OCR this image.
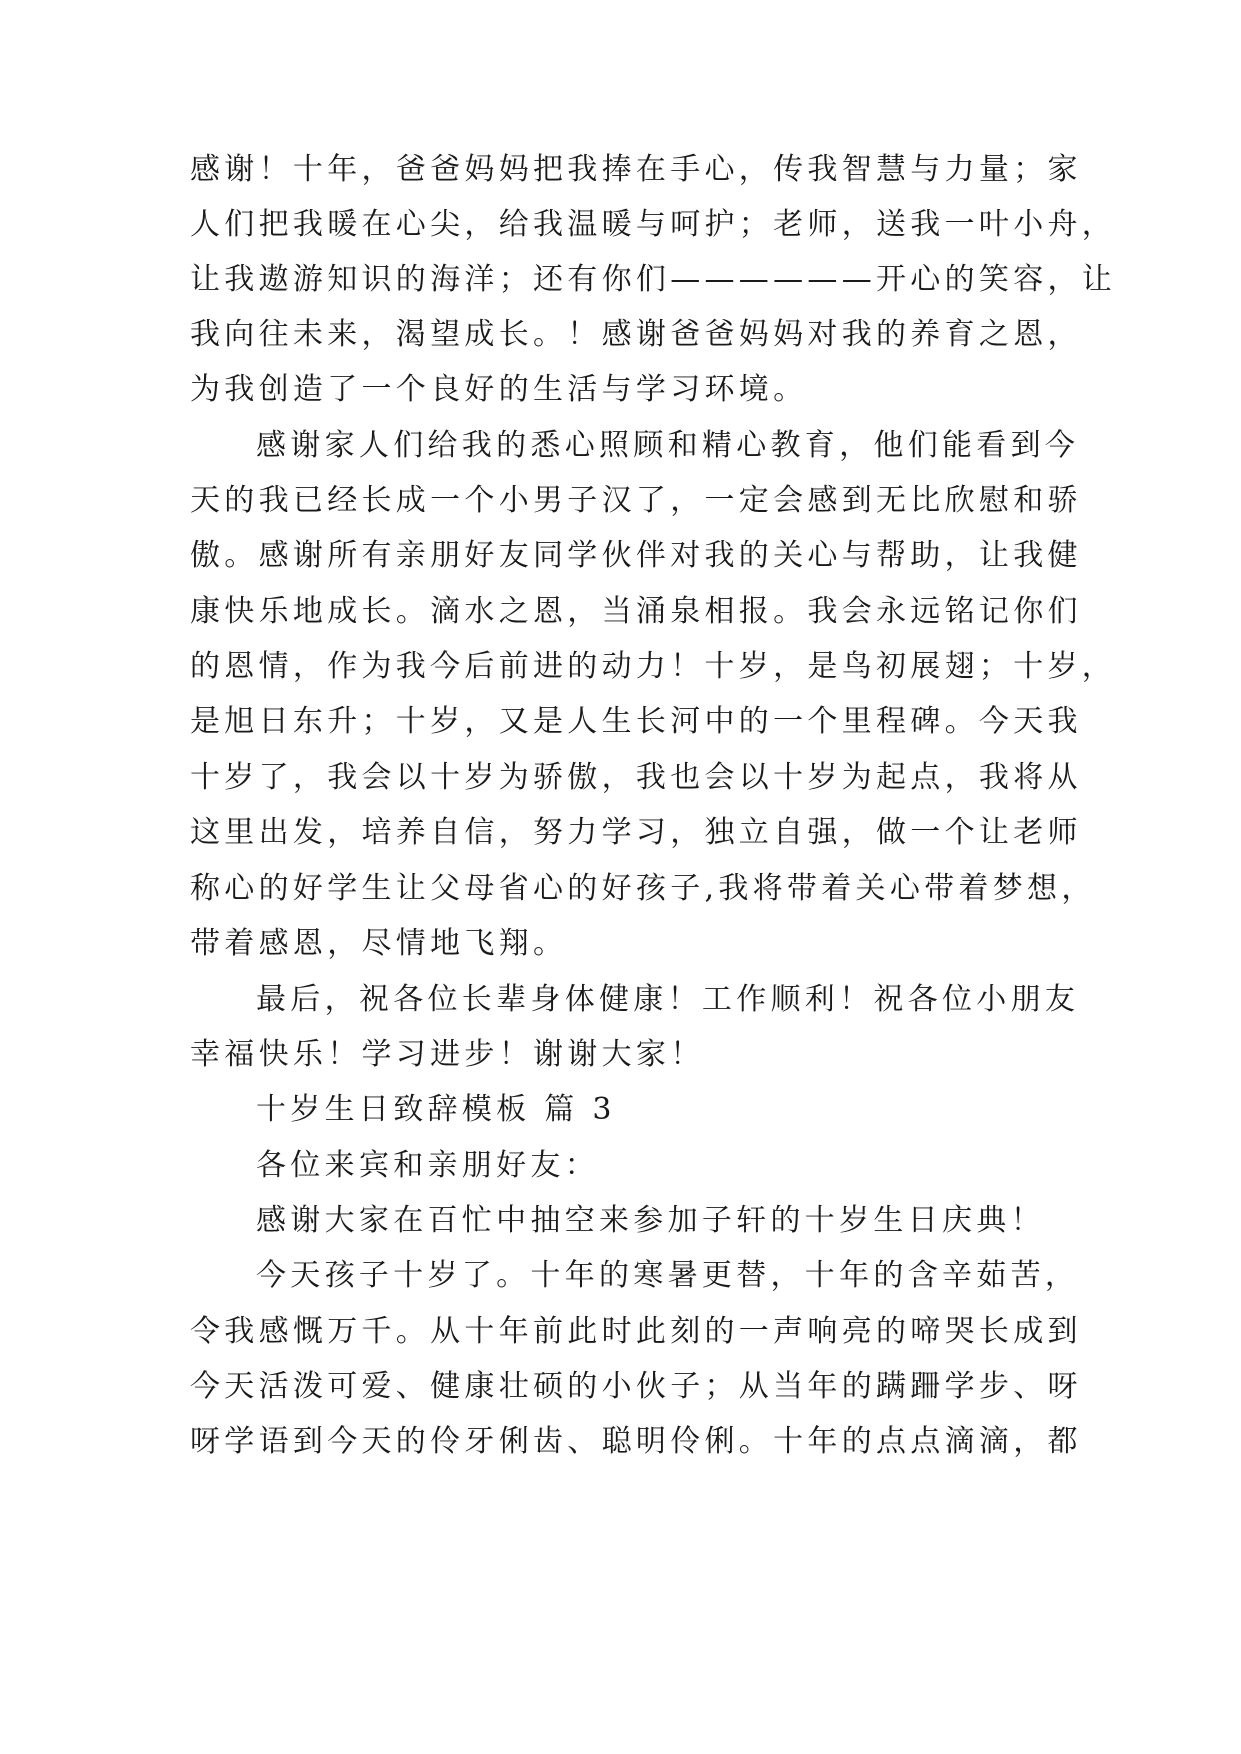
感谢！十年，爸爸妈妈把我捧在手心，传我智慧与力量；家
人们把我暖在心尖，给我温暖与呵护；老师，送我一叶小舟，
让我遨游知识的海洋；还有你们——————开心的笑容，让
我向往未来，渴望成长。！感谢爸爸妈妈对我的养育之恩，
为我创造了一个良好的生活与学习环境。
感谢家人们给我的悉心照顾和精心教育，他们能看到今
天的我已经长成一个小男子汉了，一定会感到无比欣慰和骄
傲。感谢所有亲朋好友同学伙伴对我的关心与帮助，让我健
康快乐地成长。滴水之恩，当涌泉相报。我会永远铭记你们
的恩情，作为我今后前进的动力！十岁，是鸟初展翅；十岁，
是旭日东升；十岁，又是人生长河中的一个里程碑。今天我
十岁了，我会以十岁为骄傲，我也会以十岁为起点，我将从
这里出发，培养自信，努力学习，独立自强，做一个让老师
称心的好学生让父母省心的好孩子,我将带着关心带着梦想，
带着感恩，尽情地飞翔。
最后，祝各位长辈身体健康！工作顺利！祝各位小朋友
幸福快乐！学习进步！谢谢大家！
十岁生日致辞模板 篇 3
各位来宾和亲朋好友：
感谢大家在百忙中抽空来参加子轩的十岁生日庆典！
今天孩子十岁了。十年的寒暑更替，十年的含辛茹苦，
令我感慨万千。从十年前此时此刻的一声响亮的啼哭长成到
今天活泼可爱、健康壮硕的小伙子；从当年的蹒跚学步、呀
呀学语到今天的伶牙俐齿、聪明伶俐。十年的点点滴滴，都
